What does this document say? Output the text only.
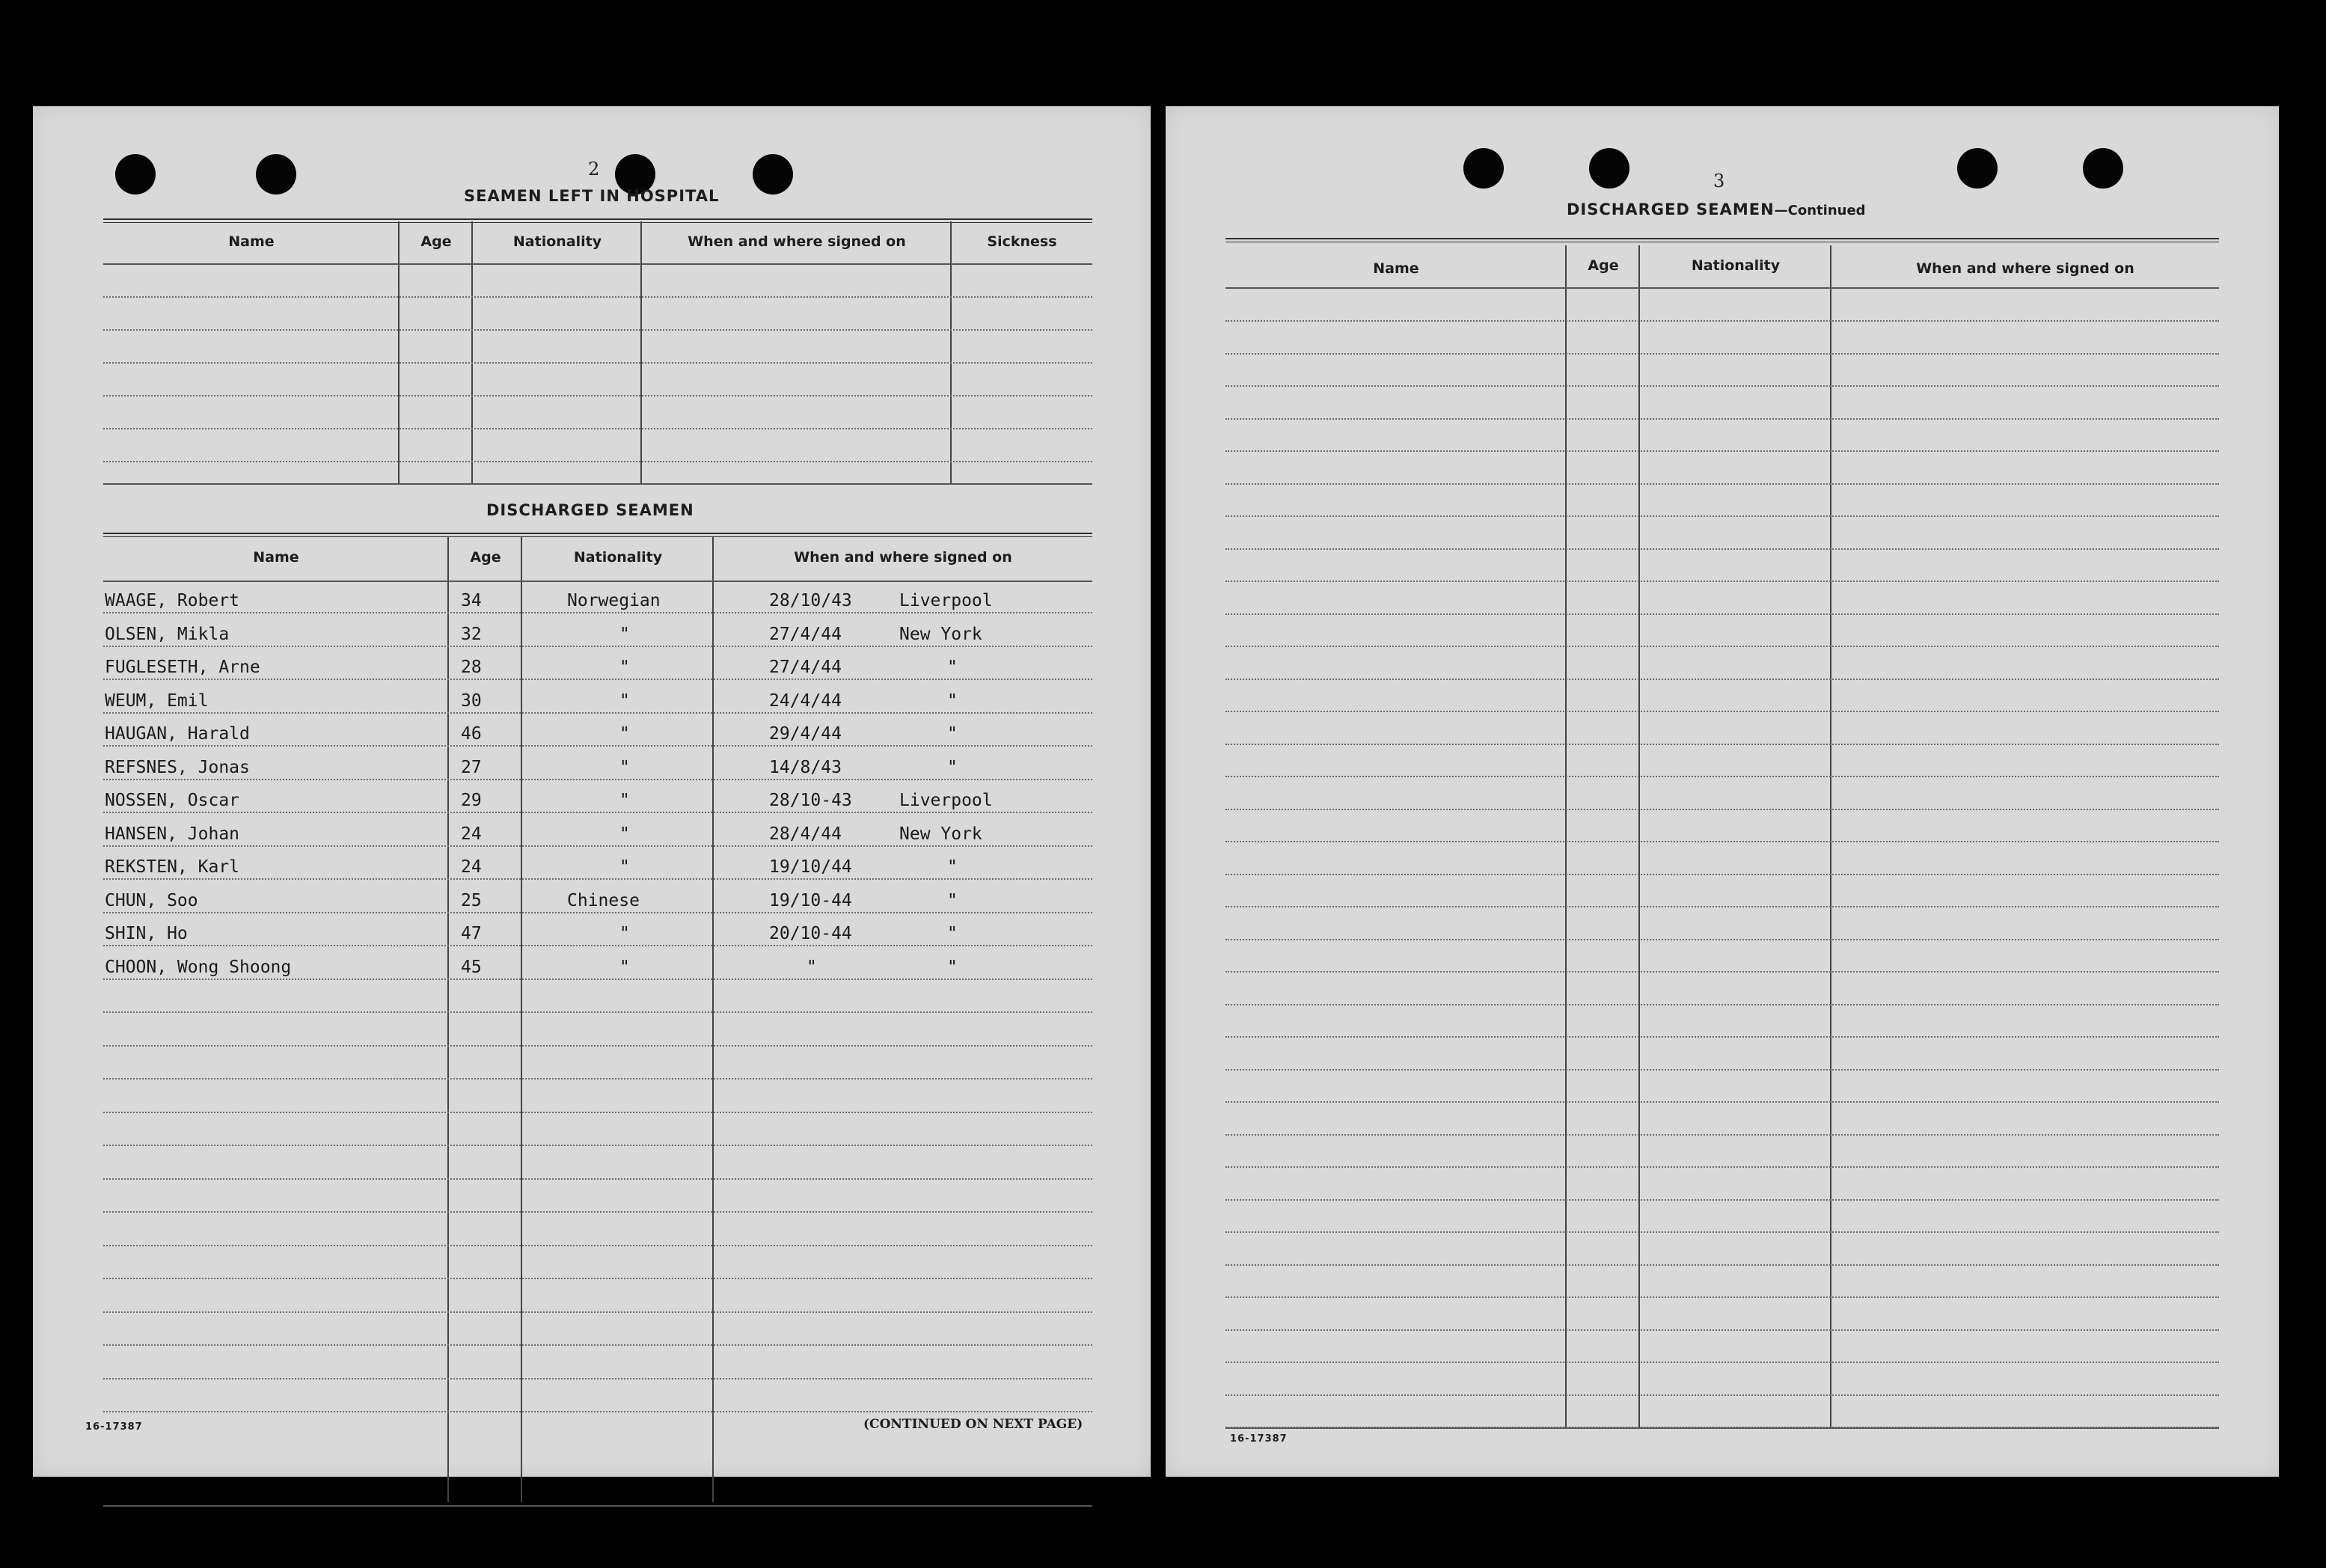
2
SEAMEN LEFT IN HOSPITAL
Name	Age	Nationality	When and where signed on	Sickness
DISCHARGED SEAMEN
Name	Age	Nationality	When and where signed on
WAAGE, Robert	34	Norwegian	28/10/43	Liverpool
OLSEN, Mikla	32	"	27/4/44	New York
FUGLESETH, Arne	28	"	27/4/44	"
WEUM, Emil	30	"	24/4/44	"
HAUGAN, Harald	46	"	29/4/44	"
REFSNES, Jonas	27	"	14/8/43	"
NOSSEN, Oscar	29	"	28/10-43	Liverpool
HANSEN, Johan	24	"	28/4/44	New York
REKSTEN, Karl	24	"	19/10/44	"
CHUN, Soo	25	Chinese	19/10-44	"
SHIN, Ho	47	"	20/10-44	"
CHOON, Wong Shoong	45	"	"	"
16-17387	(CONTINUED ON NEXT PAGE)
3
DISCHARGED SEAMEN—Continued
Name	Age	Nationality	When and where signed on
16-17387
